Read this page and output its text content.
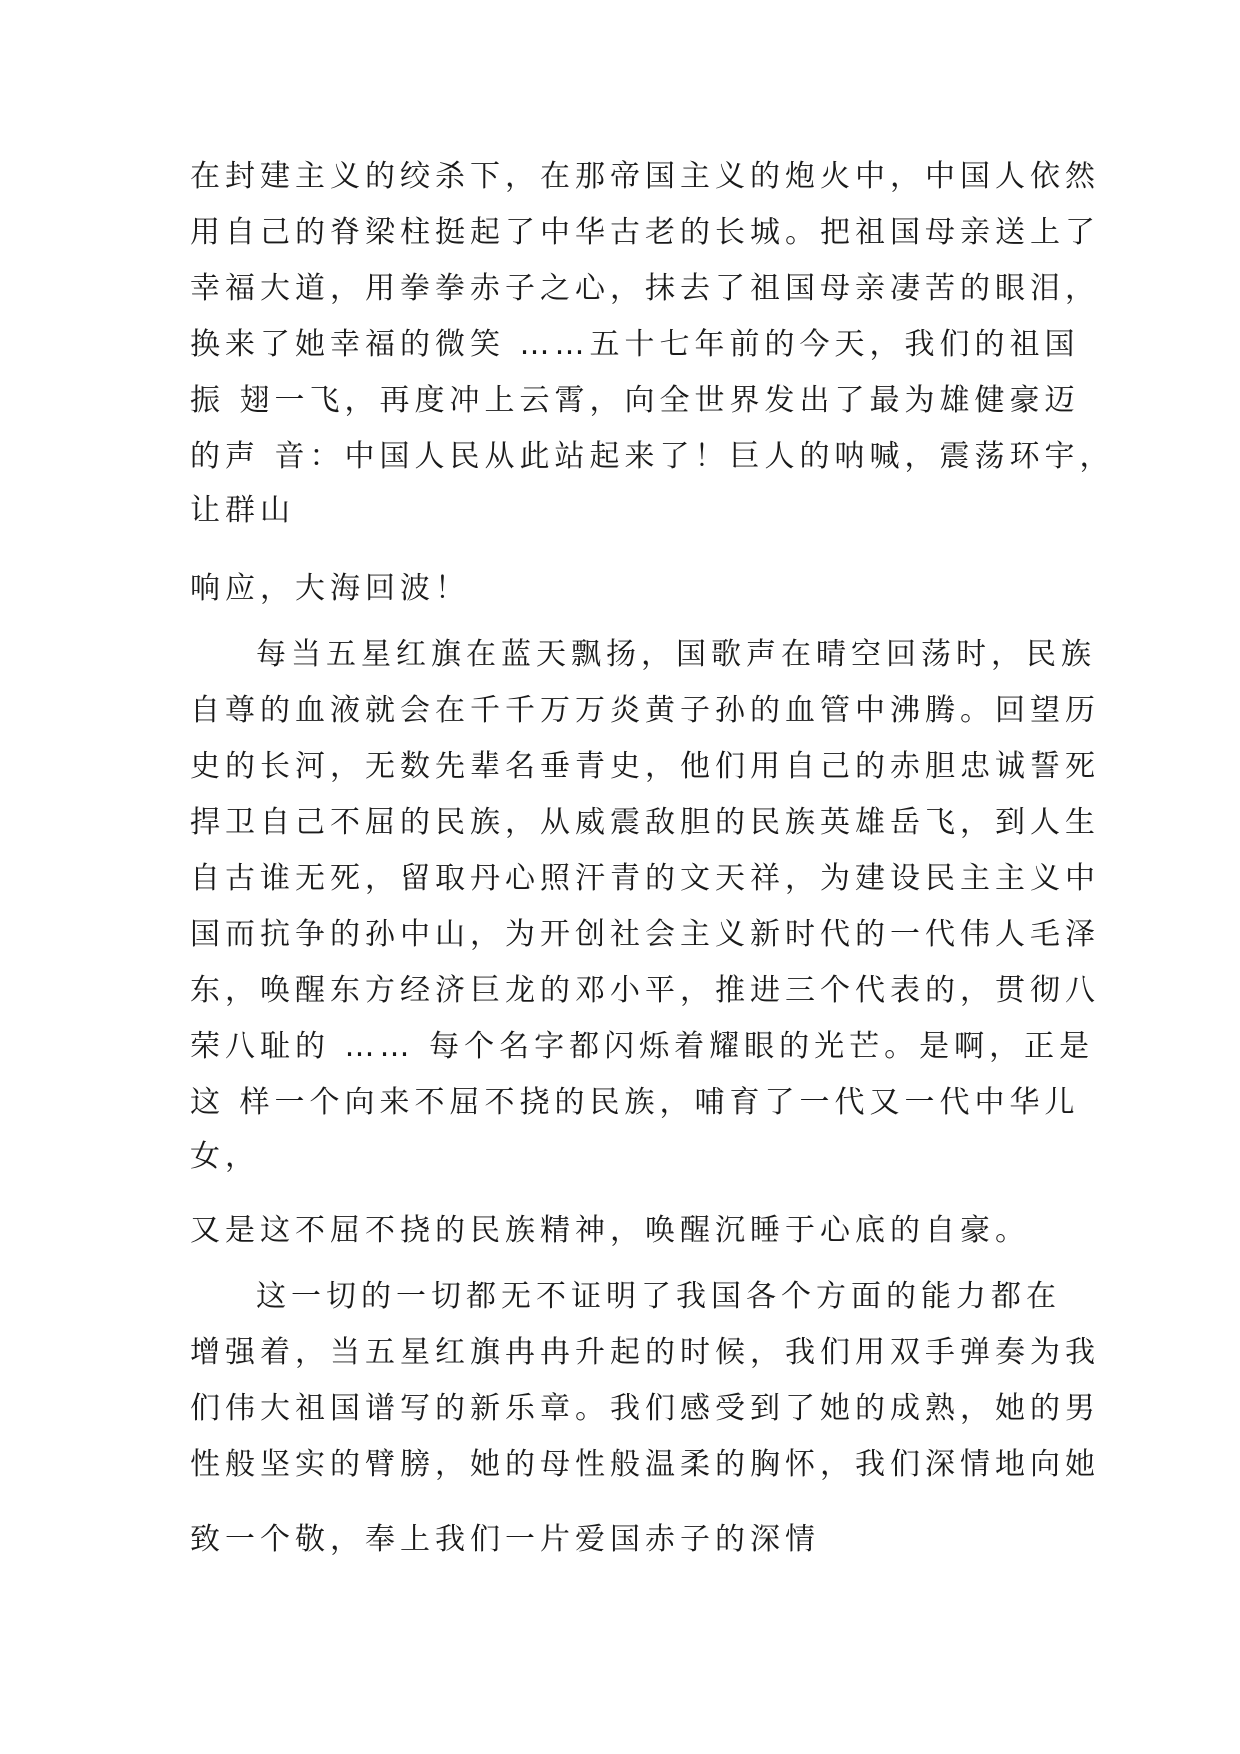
在封建主义的绞杀下，在那帝国主义的炮火中，中国人依然
用自己的脊梁柱挺起了中华古老的长城。把祖国母亲送上了
幸福大道，用拳拳赤子之心，抹去了祖国母亲凄苦的眼泪，
换来了她幸福的微笑 ……五十七年前的今天，我们的祖国
振 翅一飞，再度冲上云霄，向全世界发出了最为雄健豪迈
的声 音：中国人民从此站起来了！巨人的呐喊，震荡环宇，
让群山
响应，大海回波！
每当五星红旗在蓝天飘扬，国歌声在晴空回荡时，民族
自尊的血液就会在千千万万炎黄子孙的血管中沸腾。回望历
史的长河，无数先辈名垂青史，他们用自己的赤胆忠诚誓死
捍卫自己不屈的民族，从威震敌胆的民族英雄岳飞，到人生
自古谁无死，留取丹心照汗青的文天祥，为建设民主主义中
国而抗争的孙中山，为开创社会主义新时代的一代伟人毛泽
东，唤醒东方经济巨龙的邓小平，推进三个代表的，贯彻八
荣八耻的 …… 每个名字都闪烁着耀眼的光芒。是啊，正是
这 样一个向来不屈不挠的民族，哺育了一代又一代中华儿
女，
又是这不屈不挠的民族精神，唤醒沉睡于心底的自豪。
这一切的一切都无不证明了我国各个方面的能力都在
增强着，当五星红旗冉冉升起的时候，我们用双手弹奏为我
们伟大祖国谱写的新乐章。我们感受到了她的成熟，她的男
性般坚实的臂膀，她的母性般温柔的胸怀，我们深情地向她
致一个敬，奉上我们一片爱国赤子的深情
